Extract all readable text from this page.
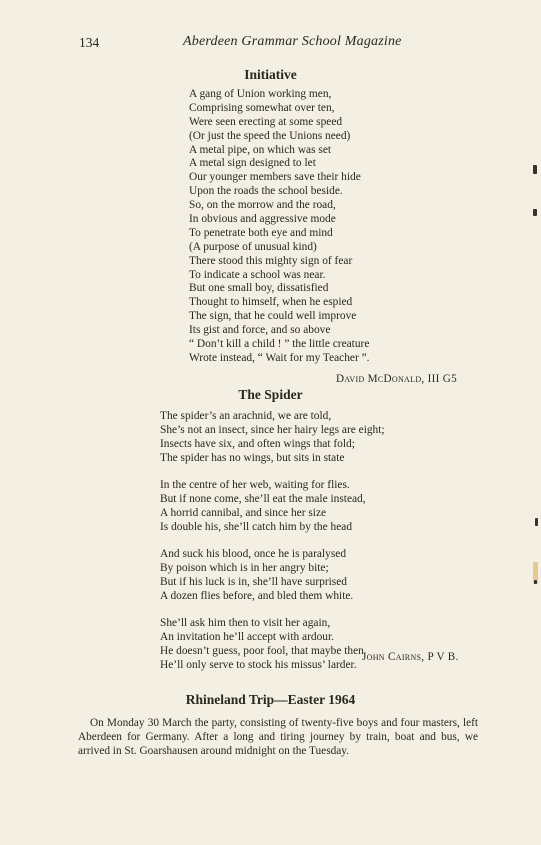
134	Aberdeen Grammar School Magazine
Initiative
A gang of Union working men,
Comprising somewhat over ten,
Were seen erecting at some speed
(Or just the speed the Unions need)
A metal pipe, on which was set
A metal sign designed to let
Our younger members save their hide
Upon the roads the school beside.
So, on the morrow and the road,
In obvious and aggressive mode
To penetrate both eye and mind
(A purpose of unusual kind)
There stood this mighty sign of fear
To indicate a school was near.
But one small boy, dissatisfied
Thought to himself, when he espied
The sign, that he could well improve
Its gist and force, and so above
“ Don’t kill a child ! ” the little creature
Wrote instead, “ Wait for my Teacher ”.
David McDonald, III G5
The Spider
The spider’s an arachnid, we are told,
She’s not an insect, since her hairy legs are eight;
Insects have six, and often wings that fold;
The spider has no wings, but sits in state
In the centre of her web, waiting for flies.
But if none come, she’ll eat the male instead,
A horrid cannibal, and since her size
Is double his, she’ll catch him by the head
And suck his blood, once he is paralysed
By poison which is in her angry bite;
But if his luck is in, she’ll have surprised
A dozen flies before, and bled them white.
She’ll ask him then to visit her again,
An invitation he’ll accept with ardour.
He doesn’t guess, poor fool, that maybe then
He’ll only serve to stock his missus’ larder.
John Cairns, P V B.
Rhineland Trip—Easter 1964
On Monday 30 March the party, consisting of twenty-five boys and four masters, left Aberdeen for Germany. After a long and tiring journey by train, boat and bus, we arrived in St. Goarshausen around midnight on the Tuesday.
